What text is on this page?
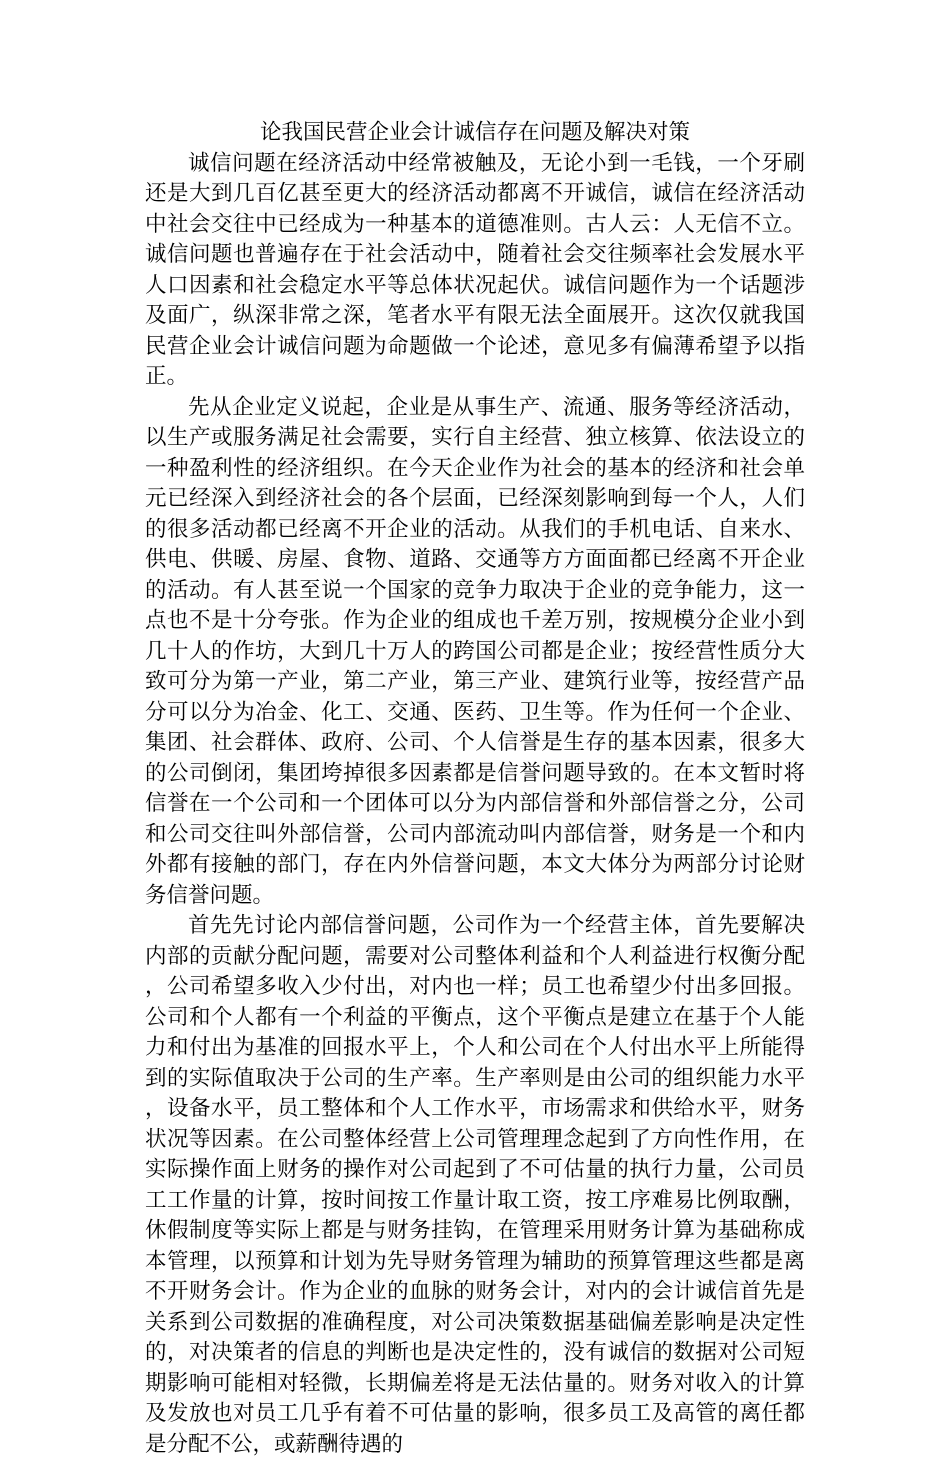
论我国民营企业会计诚信存在问题及解决对策

诚信问题在经济活动中经常被触及，无论小到一毛钱，一个牙刷还是大到几百亿甚至更大的经济活动都离不开诚信，诚信在经济活动中社会交往中已经成为一种基本的道德准则。古人云：人无信不立。诚信问题也普遍存在于社会活动中，随着社会交往频率社会发展水平人口因素和社会稳定水平等总体状况起伏。诚信问题作为一个话题涉及面广，纵深非常之深，笔者水平有限无法全面展开。这次仅就我国民营企业会计诚信问题为命题做一个论述，意见多有偏薄希望予以指正。

先从企业定义说起，企业是从事生产、流通、服务等经济活动，以生产或服务满足社会需要，实行自主经营、独立核算、依法设立的一种盈利性的经济组织。在今天企业作为社会的基本的经济和社会单元已经深入到经济社会的各个层面，已经深刻影响到每一个人，人们的很多活动都已经离不开企业的活动。从我们的手机电话、自来水、供电、供暖、房屋、食物、道路、交通等方方面面都已经离不开企业的活动。有人甚至说一个国家的竞争力取决于企业的竞争能力，这一点也不是十分夸张。作为企业的组成也千差万别，按规模分企业小到几十人的作坊，大到几十万人的跨国公司都是企业；按经营性质分大致可分为第一产业，第二产业，第三产业、建筑行业等，按经营产品分可以分为冶金、化工、交通、医药、卫生等。作为任何一个企业、集团、社会群体、政府、公司、个人信誉是生存的基本因素，很多大的公司倒闭，集团垮掉很多因素都是信誉问题导致的。在本文暂时将信誉在一个公司和一个团体可以分为内部信誉和外部信誉之分，公司和公司交往叫外部信誉，公司内部流动叫内部信誉，财务是一个和内外都有接触的部门，存在内外信誉问题，本文大体分为两部分讨论财务信誉问题。

首先先讨论内部信誉问题，公司作为一个经营主体，首先要解决内部的贡献分配问题，需要对公司整体利益和个人利益进行权衡分配，公司希望多收入少付出，对内也一样；员工也希望少付出多回报。公司和个人都有一个利益的平衡点，这个平衡点是建立在基于个人能力和付出为基准的回报水平上，个人和公司在个人付出水平上所能得到的实际值取决于公司的生产率。生产率则是由公司的组织能力水平，设备水平，员工整体和个人工作水平，市场需求和供给水平，财务状况等因素。在公司整体经营上公司管理理念起到了方向性作用，在实际操作面上财务的操作对公司起到了不可估量的执行力量，公司员工工作量的计算，按时间按工作量计取工资，按工序难易比例取酬，休假制度等实际上都是与财务挂钩，在管理采用财务计算为基础称成本管理，以预算和计划为先导财务管理为辅助的预算管理这些都是离不开财务会计。作为企业的血脉的财务会计，对内的会计诚信首先是关系到公司数据的准确程度，对公司决策数据基础偏差影响是决定性的，对决策者的信息的判断也是决定性的，没有诚信的数据对公司短期影响可能相对轻微，长期偏差将是无法估量的。财务对收入的计算及发放也对员工几乎有着不可估量的影响，很多员工及高管的离任都是分配不公，或薪酬待遇的
